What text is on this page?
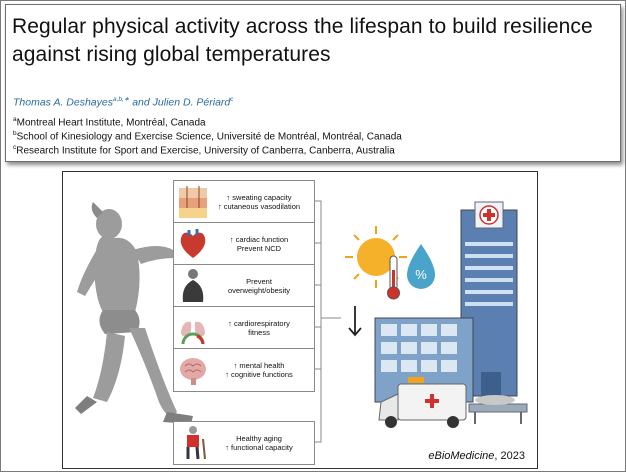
Regular physical activity across the lifespan to build resilience
against rising global temperatures
Thomas A. Deshayes$^{a,b,∗}$ and Julien D. Périard$^c$
$^a$Montreal Heart Institute, Montréal, Canada
$^b$School of Kinesiology and Exercise Science, Université de Montréal, Montréal, Canada
$^c$Research Institute for Sport and Exercise, University of Canberra, Canberra, Australia
%
↑ sweating capacity
↑ cutaneous vasodilation
↑ cardiac function
Prevent NCD
Prevent
overweight/obesity
↑ cardiorespiratory
fitness
↑ mental health
↑ cognitive functions
Healthy aging
↑ functional capacity
eBioMedicine, 2023
